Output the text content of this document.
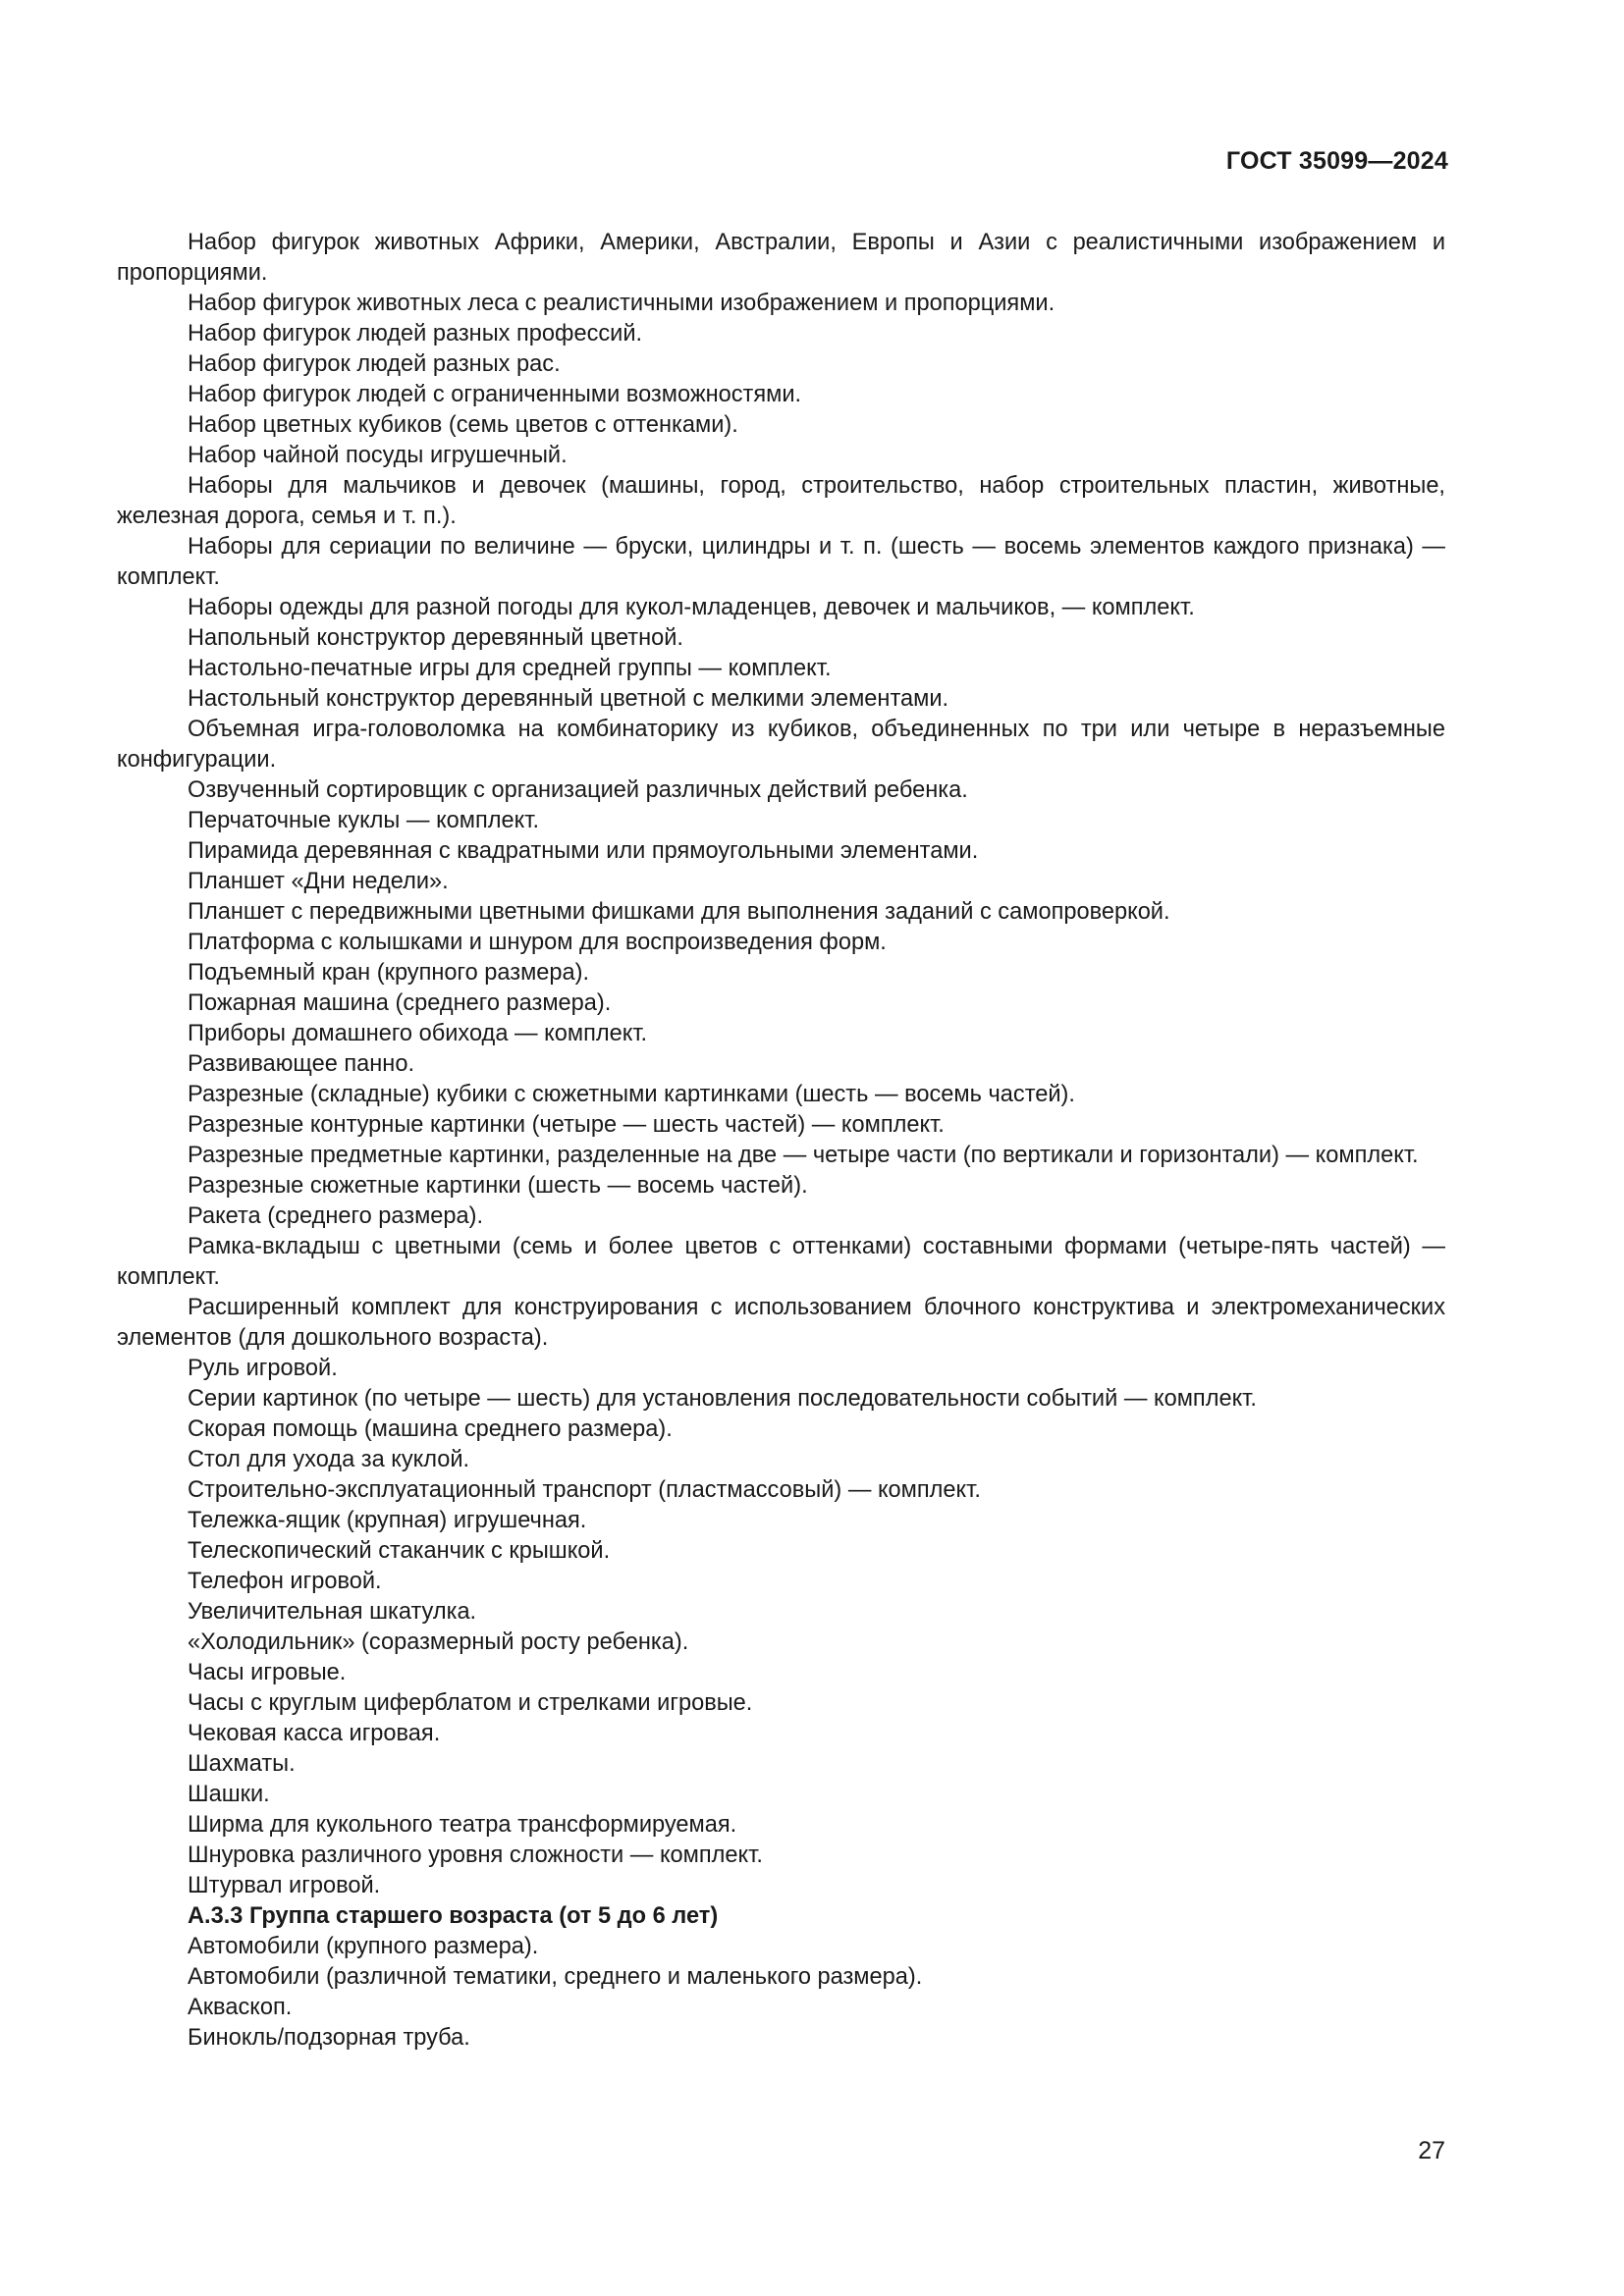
ГОСТ 35099—2024

Набор фигурок животных Африки, Америки, Австралии, Европы и Азии с реалистичными изображением и пропорциями.

Набор фигурок животных леса с реалистичными изображением и пропорциями.

Набор фигурок людей разных профессий.

Набор фигурок людей разных рас.

Набор фигурок людей с ограниченными возможностями.

Набор цветных кубиков (семь цветов с оттенками).

Набор чайной посуды игрушечный.

Наборы для мальчиков и девочек (машины, город, строительство, набор строительных пластин, животные, железная дорога, семья и т. п.).

Наборы для сериации по величине — бруски, цилиндры и т. п. (шесть — восемь элементов каждого признака) — комплект.

Наборы одежды для разной погоды для кукол-младенцев, девочек и мальчиков, — комплект.

Напольный конструктор деревянный цветной.

Настольно-печатные игры для средней группы — комплект.

Настольный конструктор деревянный цветной с мелкими элементами.

Объемная игра-головоломка на комбинаторику из кубиков, объединенных по три или четыре в неразъемные конфигурации.

Озвученный сортировщик с организацией различных действий ребенка.

Перчаточные куклы — комплект.

Пирамида деревянная с квадратными или прямоугольными элементами.

Планшет «Дни недели».

Планшет с передвижными цветными фишками для выполнения заданий с самопроверкой.

Платформа с колышками и шнуром для воспроизведения форм.

Подъемный кран (крупного размера).

Пожарная машина (среднего размера).

Приборы домашнего обихода — комплект.

Развивающее панно.

Разрезные (складные) кубики с сюжетными картинками (шесть — восемь частей).

Разрезные контурные картинки (четыре — шесть частей) — комплект.

Разрезные предметные картинки, разделенные на две — четыре части (по вертикали и горизонтали) — комплект.

Разрезные сюжетные картинки (шесть — восемь частей).

Ракета (среднего размера).

Рамка-вкладыш с цветными (семь и более цветов с оттенками) составными формами (четыре-пять частей) — комплект.

Расширенный комплект для конструирования с использованием блочного конструктива и электромеханических элементов (для дошкольного возраста).

Руль игровой.

Серии картинок (по четыре — шесть) для установления последовательности событий — комплект.

Скорая помощь (машина среднего размера).

Стол для ухода за куклой.

Строительно-эксплуатационный транспорт (пластмассовый) — комплект.

Тележка-ящик (крупная) игрушечная.

Телескопический стаканчик с крышкой.

Телефон игровой.

Увеличительная шкатулка.

«Холодильник» (соразмерный росту ребенка).

Часы игровые.

Часы с круглым циферблатом и стрелками игровые.

Чековая касса игровая.

Шахматы.

Шашки.

Ширма для кукольного театра трансформируемая.

Шнуровка различного уровня сложности — комплект.

Штурвал игровой.

А.3.3 Группа старшего возраста (от 5 до 6 лет)

Автомобили (крупного размера).

Автомобили (различной тематики, среднего и маленького размера).

Акваскоп.

Бинокль/подзорная труба.

27
